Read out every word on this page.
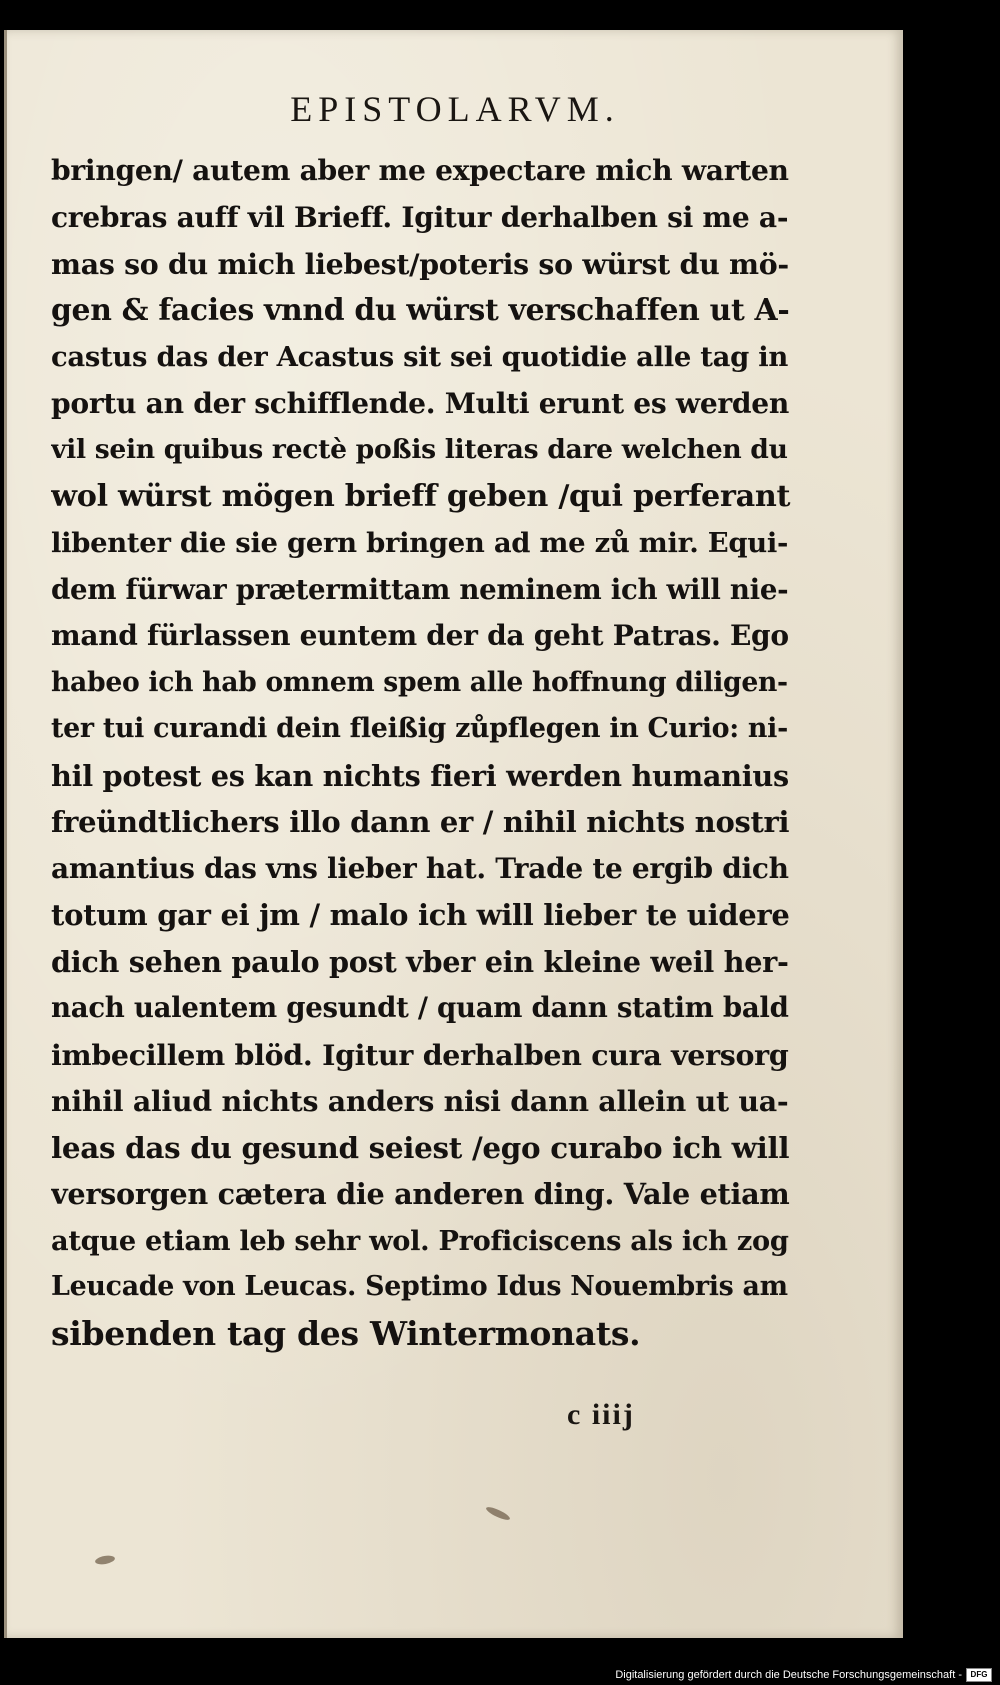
EPISTOLARVM.
bringen/ autem aber me expectare mich warten
crebras auff vil Brieff. Igitur derhalben si me a-
mas so du mich liebest/poteris so würst du mö-
gen & facies vnnd du würst verschaffen ut A-
castus das der Acastus sit sei quotidie alle tag in
portu an der schifflende. Multi erunt es werden
vil sein quibus rectè poßis literas dare welchen du
wol würst mögen brieff geben /qui perferant
libenter die sie gern bringen ad me zů mir. Equi-
dem fürwar prætermittam neminem ich will nie-
mand fürlassen euntem der da geht Patras. Ego
habeo ich hab omnem spem alle hoffnung diligen-
ter tui curandi dein fleißig zůpflegen in Curio: ni-
hil potest es kan nichts fieri werden humanius
freündtlichers illo dann er / nihil nichts nostri
amantius das vns lieber hat. Trade te ergib dich
totum gar ei jm / malo ich will lieber te uidere
dich sehen paulo post vber ein kleine weil her-
nach ualentem gesundt / quam dann statim bald
imbecillem blöd. Igitur derhalben cura versorg
nihil aliud nichts anders nisi dann allein ut ua-
leas das du gesund seiest /ego curabo ich will
versorgen cætera die anderen ding. Vale etiam
atque etiam leb sehr wol. Proficiscens als ich zog
Leucade von Leucas. Septimo Idus Nouembris am
sibenden tag des Wintermonats.
c iiij
Digitalisierung gefördert durch die Deutsche Forschungsgemeinschaft -	DFG
